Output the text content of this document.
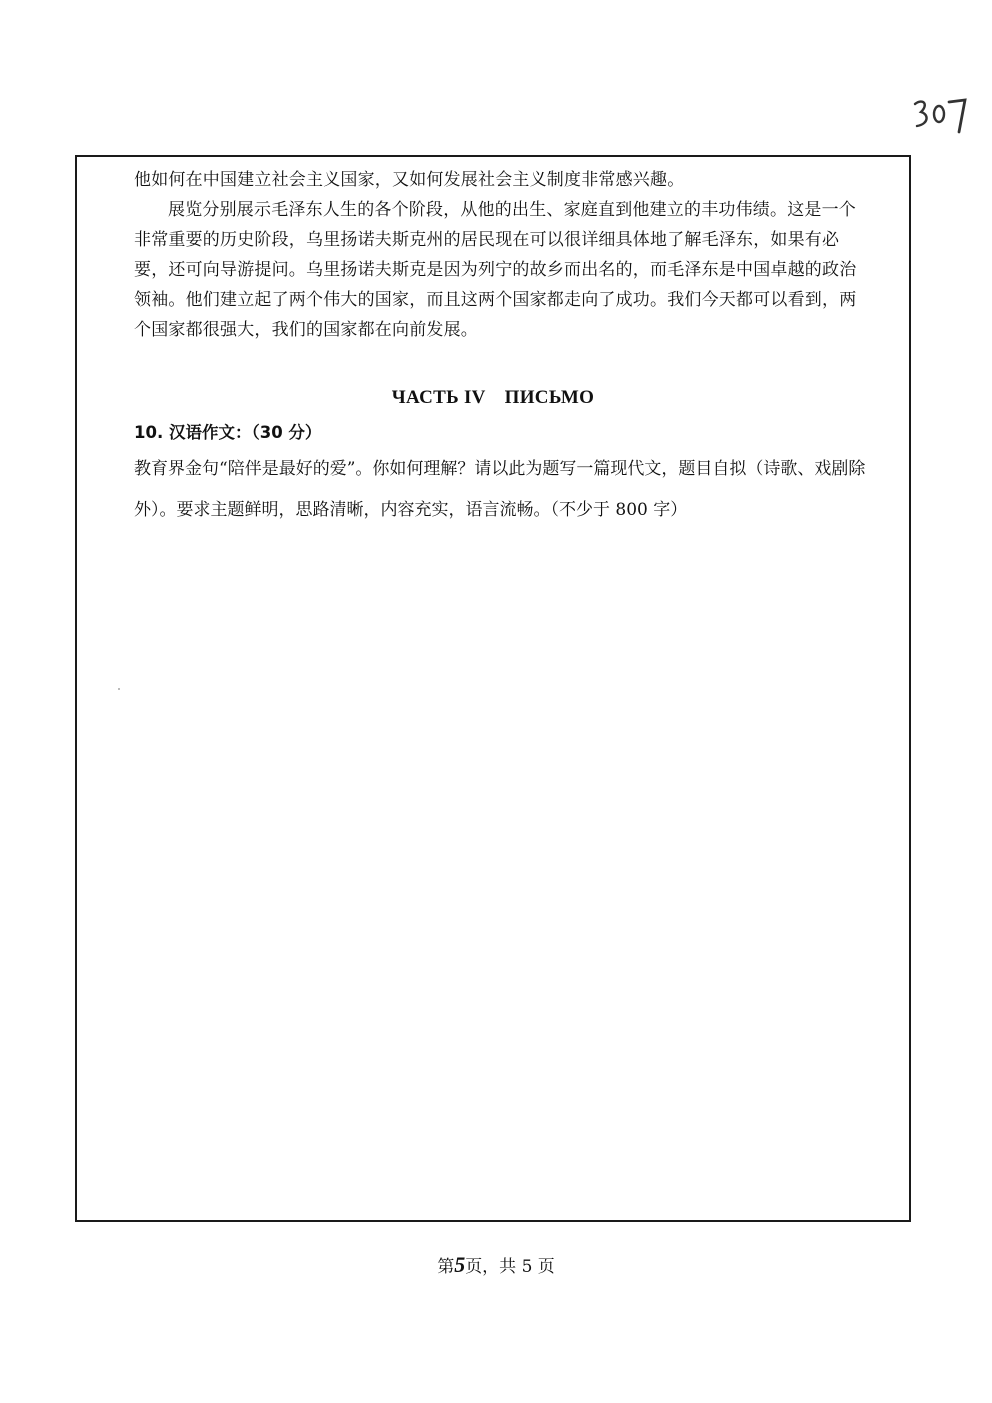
他如何在中国建立社会主义国家，又如何发展社会主义制度非常感兴趣。

展览分别展示毛泽东人生的各个阶段，从他的出生、家庭直到他建立的丰功伟绩。这是一个非常重要的历史阶段，乌里扬诺夫斯克州的居民现在可以很详细具体地了解毛泽东，如果有必要，还可向导游提问。乌里扬诺夫斯克是因为列宁的故乡而出名的，而毛泽东是中国卓越的政治领袖。他们建立起了两个伟大的国家，而且这两个国家都走向了成功。我们今天都可以看到，两个国家都很强大，我们的国家都在向前发展。

ЧАСТЬ IV　ПИСЬМО
10. 汉语作文：（30 分）

教育界金句“陪伴是最好的爱”。你如何理解？请以此为题写一篇现代文，题目自拟（诗歌、戏剧除外）。要求主题鲜明，思路清晰，内容充实，语言流畅。（不少于 800 字）

第5页，共 5 页
